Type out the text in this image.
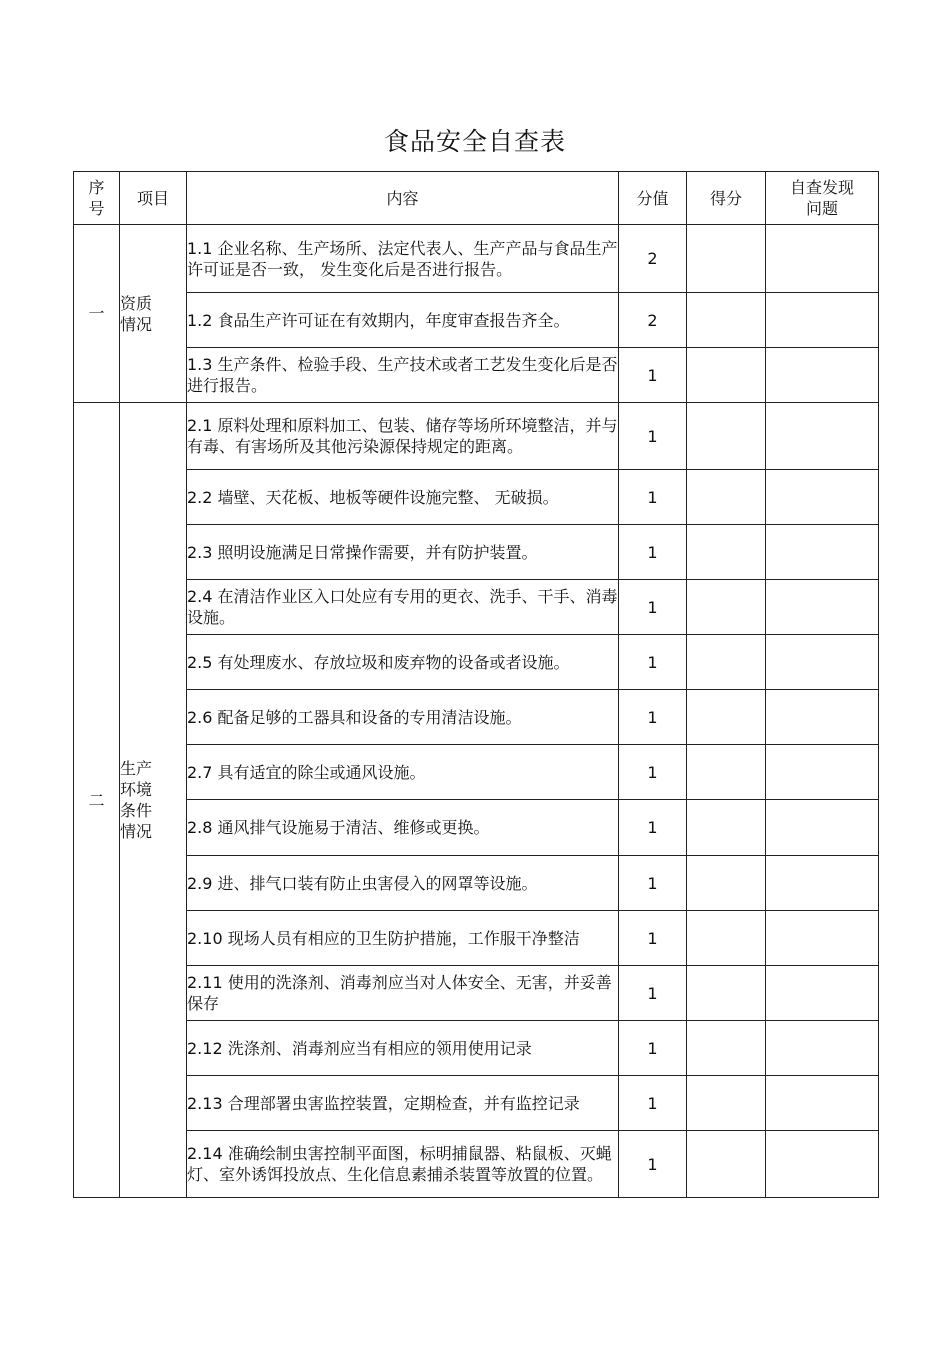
食品安全自查表
序号	项目	内容	分值	得分	自查发现问题

一	资质情况	1.1 企业名称、生产场所、法定代表人、生产产品与食品生产许可证是否一致， 发生变化后是否进行报告。	2		

		1.2 食品生产许可证在有效期内，年度审查报告齐全。	2		

		1.3 生产条件、检验手段、生产技术或者工艺发生变化后是否进行报告。	1		
二	生产环境条件情况	2.1 原料处理和原料加工、包装、储存等场所环境整洁，并与有毒、有害场所及其他污染源保持规定的距离。	1		

		2.2 墙壁、天花板、地板等硬件设施完整、 无破损。	1		

		2.3 照明设施满足日常操作需要，并有防护装置。	1		

		2.4 在清洁作业区入口处应有专用的更衣、洗手、干手、消毒设施。	1		

		2.5 有处理废水、存放垃圾和废弃物的设备或者设施。	1		

		2.6 配备足够的工器具和设备的专用清洁设施。	1		

		2.7 具有适宜的除尘或通风设施。	1		

		2.8 通风排气设施易于清洁、维修或更换。	1		

		2.9 进、排气口装有防止虫害侵入的网罩等设施。	1		

		2.10 现场人员有相应的卫生防护措施，工作服干净整洁	1		

		2.11 使用的洗涤剂、消毒剂应当对人体安全、无害，并妥善保存	1		

		2.12 洗涤剂、消毒剂应当有相应的领用使用记录	1		

		2.13 合理部署虫害监控装置，定期检查，并有监控记录	1		

		2.14 准确绘制虫害控制平面图，标明捕鼠器、粘鼠板、灭蝇灯、室外诱饵投放点、生化信息素捕杀装置等放置的位置。	1		
